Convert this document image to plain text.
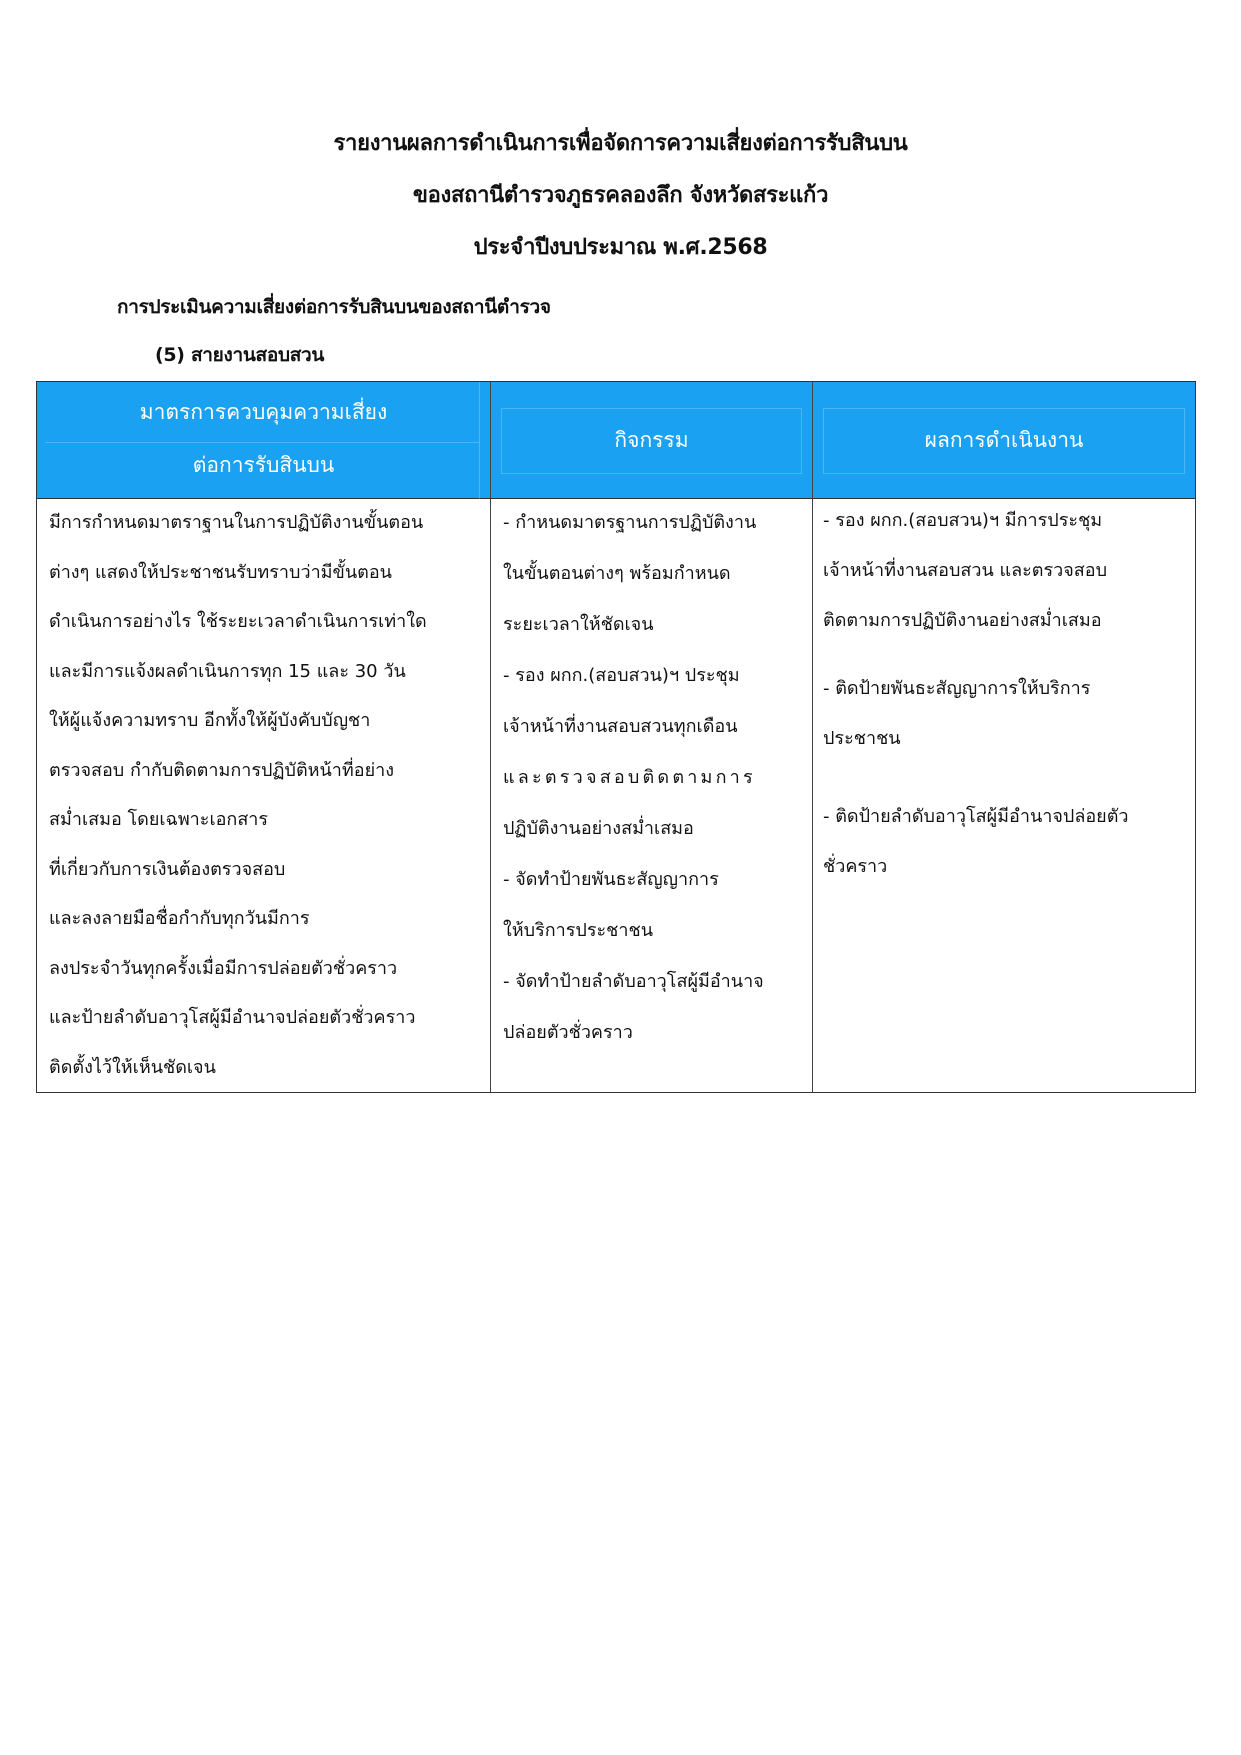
รายงานผลการดำเนินการเพื่อจัดการความเสี่ยงต่อการรับสินบน
ของสถานีตำรวจภูธรคลองลึก จังหวัดสระแก้ว
ประจำปีงบประมาณ พ.ศ.2568
การประเมินความเสี่ยงต่อการรับสินบนของสถานีตำรวจ
(5) สายงานสอบสวน
มาตรการควบคุมความเสี่ยง
ต่อการรับสินบน
กิจกรรม	ผลการดำเนินงาน
มีการกำหนดมาตราฐานในการปฏิบัติงานขั้นตอน
ต่างๆ แสดงให้ประชาชนรับทราบว่ามีขั้นตอน
ดำเนินการอย่างไร ใช้ระยะเวลาดำเนินการเท่าใด
และมีการแจ้งผลดำเนินการทุก 15 และ 30 วัน
ให้ผู้แจ้งความทราบ อีกทั้งให้ผู้บังคับบัญชา
ตรวจสอบ กำกับติดตามการปฏิบัติหน้าที่อย่าง
สม่ำเสมอ โดยเฉพาะเอกสาร
ที่เกี่ยวกับการเงินต้องตรวจสอบ
และลงลายมือชื่อกำกับทุกวันมีการ
ลงประจำวันทุกครั้งเมื่อมีการปล่อยตัวชั่วคราว
และป้ายลำดับอาวุโสผู้มีอำนาจปล่อยตัวชั่วคราว
ติดตั้งไว้ให้เห็นชัดเจน
- กำหนดมาตรฐานการปฏิบัติงาน
ในขั้นตอนต่างๆ พร้อมกำหนด
ระยะเวลาให้ชัดเจน
- รอง ผกก.(สอบสวน)ฯ ประชุม
เจ้าหน้าที่งานสอบสวนทุกเดือน
และตรวจสอบติดตามการ
ปฏิบัติงานอย่างสม่ำเสมอ
- จัดทำป้ายพันธะสัญญาการ
ให้บริการประชาชน
- จัดทำป้ายลำดับอาวุโสผู้มีอำนาจ
ปล่อยตัวชั่วคราว
- รอง ผกก.(สอบสวน)ฯ มีการประชุม
เจ้าหน้าที่งานสอบสวน และตรวจสอบ
ติดตามการปฏิบัติงานอย่างสม่ำเสมอ
- ติดป้ายพันธะสัญญาการให้บริการ
ประชาชน
- ติดป้ายลำดับอาวุโสผู้มีอำนาจปล่อยตัว
ชั่วคราว
